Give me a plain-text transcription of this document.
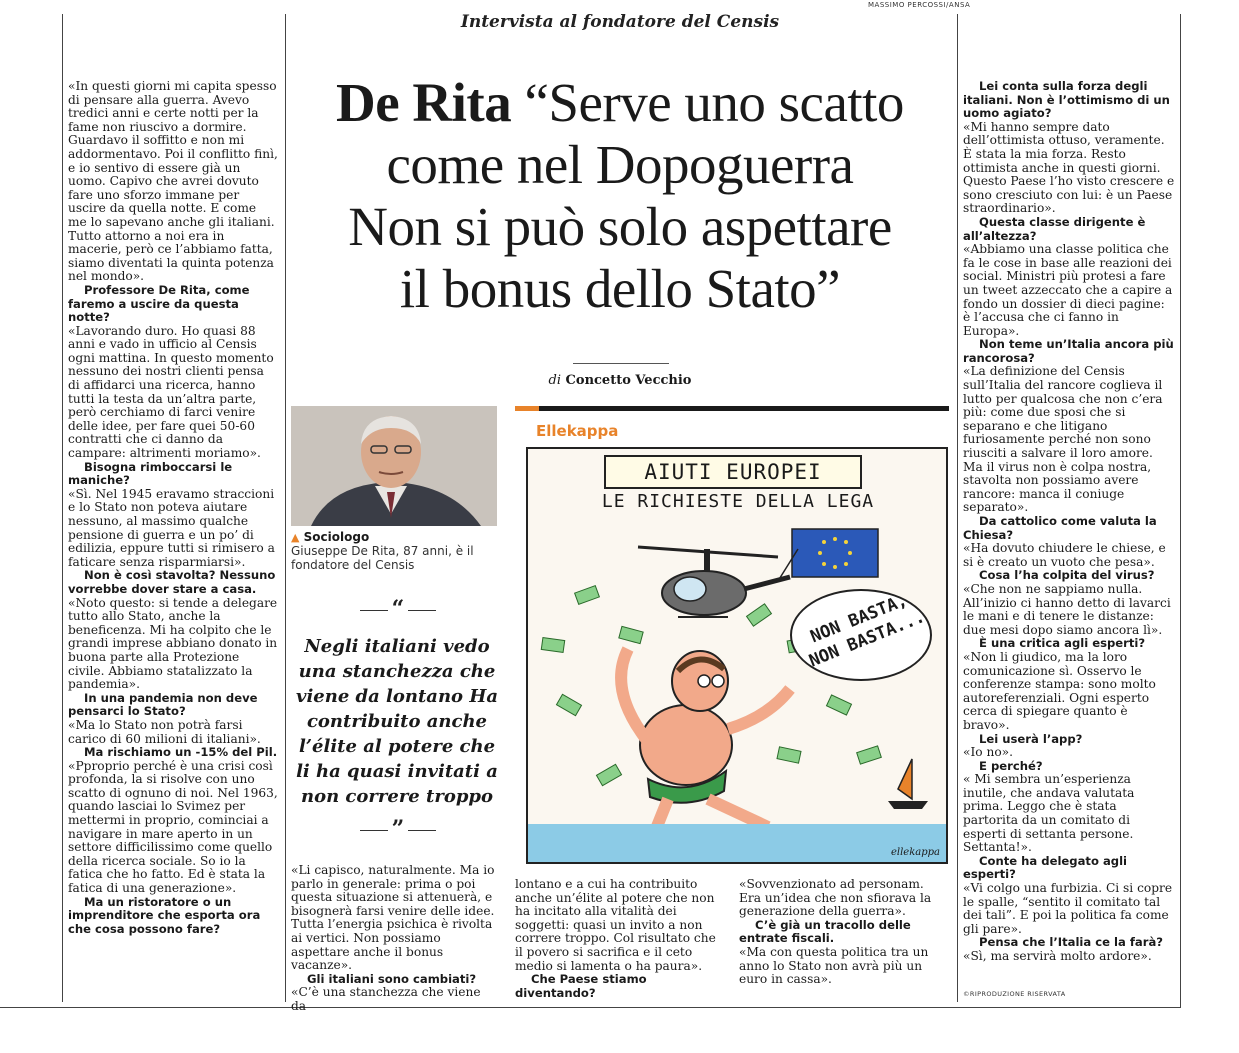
MASSIMO PERCOSSI/ANSA
Intervista al fondatore del Censis
De Rita “Serve uno scatto
come nel Dopoguerra
Non si può solo aspettare
il bonus dello Stato”
di Concetto Vecchio
▲ Sociologo
Giuseppe De Rita, 87 anni, è il fondatore del Censis
“
Negli italiani vedo una stanchezza che viene da lontano Ha contribuito anche l’élite al potere che li ha quasi invitati a non correre troppo
”
Ellekappa
AIUTI EUROPEI
LE RICHIESTE DELLA LEGA
NON BASTA, NON BASTA...
ellekappa

«In questi giorni mi capita spesso di pensare alla guerra. Avevo tredici anni e certe notti per la fame non riuscivo a dormire. Guardavo il soffitto e non mi addormentavo. Poi il conflitto finì, e io sentivo di essere già un uomo. Capivo che avrei dovuto fare uno sforzo immane per uscire da quella notte. E come me lo sapevano anche gli italiani. Tutto attorno a noi era in macerie, però ce l’abbiamo fatta, siamo diventati la quinta potenza nel mondo».

Professore De Rita, come faremo a uscire da questa notte?

«Lavorando duro. Ho quasi 88 anni e vado in ufficio al Censis ogni mattina. In questo momento nessuno dei nostri clienti pensa di affidarci una ricerca, hanno tutti la testa da un’altra parte, però cerchiamo di farci venire delle idee, per fare quei 50-60 contratti che ci danno da campare: altrimenti moriamo».

Bisogna rimboccarsi le maniche?

«Sì. Nel 1945 eravamo straccioni e lo Stato non poteva aiutare nessuno, al massimo qualche pensione di guerra e un po’ di edilizia, eppure tutti si rimisero a faticare senza risparmiarsi».

Non è così stavolta? Nessuno vorrebbe dover stare a casa.

«Noto questo: si tende a delegare tutto allo Stato, anche la beneficenza. Mi ha colpito che le grandi imprese abbiano donato in buona parte alla Protezione civile. Abbiamo statalizzato la pandemia».

In una pandemia non deve pensarci lo Stato?

«Ma lo Stato non potrà farsi carico di 60 milioni di italiani».

Ma rischiamo un -15% del Pil.

«Pproprio perché è una crisi così profonda, la si risolve con uno scatto di ognuno di noi. Nel 1963, quando lasciai lo Svimez per mettermi in proprio, cominciai a navigare in mare aperto in un settore difficilissimo come quello della ricerca sociale. So io la fatica che ho fatto. Ed è stata la fatica di una generazione».

Ma un ristoratore o un imprenditore che esporta ora che cosa possono fare?

«Li capisco, naturalmente. Ma io parlo in generale: prima o poi questa situazione si attenuerà, e bisognerà farsi venire delle idee. Tutta l’energia psichica è rivolta ai vertici. Non possiamo aspettare anche il bonus vacanze».

Gli italiani sono cambiati?

«C’è una stanchezza che viene da

lontano e a cui ha contribuito anche un’élite al potere che non ha incitato alla vitalità dei soggetti: quasi un invito a non correre troppo. Col risultato che il povero si sacrifica e il ceto medio si lamenta o ha paura».

Che Paese stiamo diventando?

«Sovvenzionato ad personam. Era un’idea che non sfiorava la generazione della guerra».

C’è già un tracollo delle entrate fiscali.

«Ma con questa politica tra un anno lo Stato non avrà più un euro in cassa».

Lei conta sulla forza degli italiani. Non è l’ottimismo di un uomo agiato?

«Mi hanno sempre dato dell’ottimista ottuso, veramente. È stata la mia forza. Resto ottimista anche in questi giorni. Questo Paese l’ho visto crescere e sono cresciuto con lui: è un Paese straordinario».

Questa classe dirigente è all’altezza?

«Abbiamo una classe politica che fa le cose in base alle reazioni dei social. Ministri più protesi a fare un tweet azzeccato che a capire a fondo un dossier di dieci pagine: è l’accusa che ci fanno in Europa».

Non teme un’Italia ancora più rancorosa?

«La definizione del Censis sull’Italia del rancore coglieva il lutto per qualcosa che non c’era più: come due sposi che si separano e che litigano furiosamente perché non sono riusciti a salvare il loro amore. Ma il virus non è colpa nostra, stavolta non possiamo avere rancore: manca il coniuge separato».

Da cattolico come valuta la Chiesa?

«Ha dovuto chiudere le chiese, e si è creato un vuoto che pesa».

Cosa l’ha colpita del virus?

«Che non ne sappiamo nulla. All’inizio ci hanno detto di lavarci le mani e di tenere le distanze: due mesi dopo siamo ancora lì».

È una critica agli esperti?

«Non li giudico, ma la loro comunicazione sì. Osservo le conferenze stampa: sono molto autoreferenziali. Ogni esperto cerca di spiegare quanto è bravo».

Lei userà l’app?

«Io no».

E perché?

« Mi sembra un’esperienza inutile, che andava valutata prima. Leggo che è stata partorita da un comitato di esperti di settanta persone. Settanta!».

Conte ha delegato agli esperti?

«Vi colgo una furbizia. Ci si copre le spalle, “sentito il comitato tal dei tali”. E poi la politica fa come gli pare».

Pensa che l’Italia ce la farà?

«Sì, ma servirà molto ardore».

©RIPRODUZIONE RISERVATA
